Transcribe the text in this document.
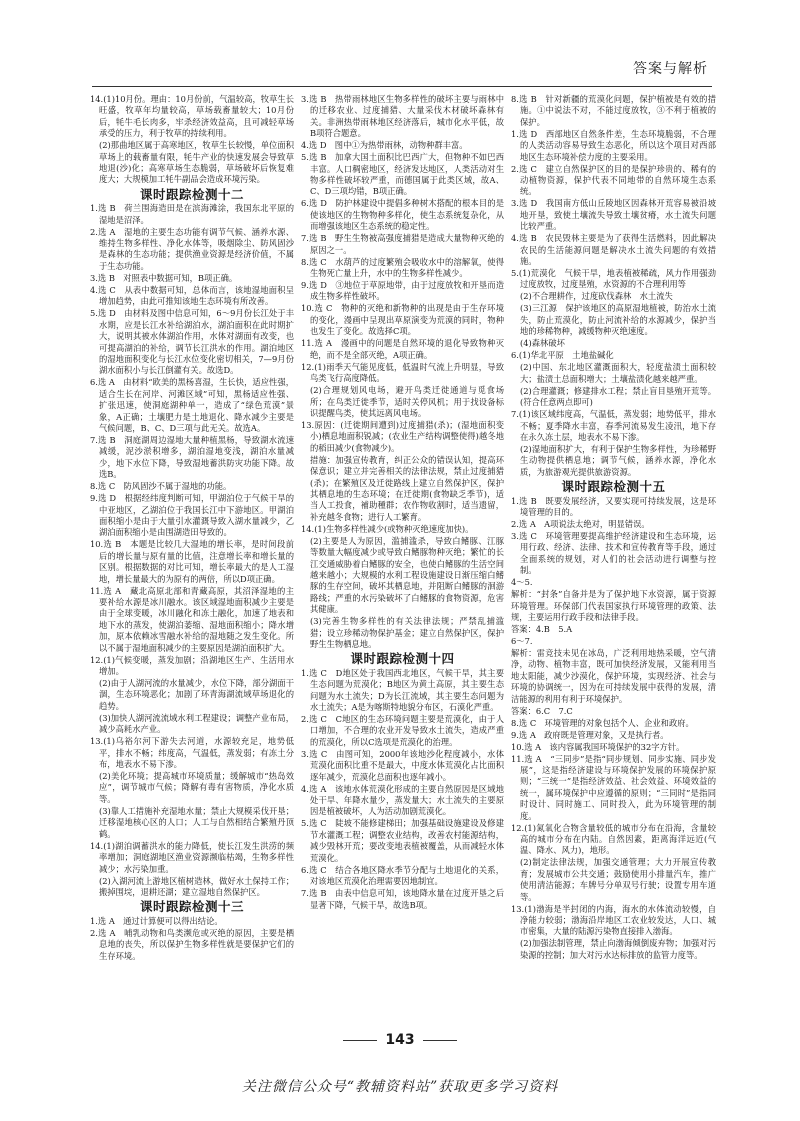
答案与解析
14.(1)10月份。理由：10月份前，气温较高，牧草生长旺盛，牧草年均量较高，草场载畜量较大；10月份后，牦牛毛长肉多，牢杀经济效益高，且可减轻草场承受的压力，利于牧草的持续利用。
(2)那曲地区属于高寒地区，牧草生长较慢，单位面积草场上的载畜量有限，牦牛产业的快速发展会导致草地退(沙)化；高寒草场生态脆弱，草场破坏后恢复难度大；大规模加工牦牛副品会造成环境污染。
课时跟踪检测十二
1.选 B　荷兰围海造田是在滨海滩涂，我国东北平原的湿地是沼泽。
2.选 A　湿地的主要生态功能有调节气候、涵养水源、维持生物多样性、净化水体等，吸烟除尘、防风固沙是森林的生态功能；提供渔业资源是经济价值，不属于生态功能。
3.选 B　对照表中数据可知，B项正确。
4.选 C　从表中数据可知，总体而言，该地湿地面积呈增加趋势，由此可推知该地生态环境有所改善。
5.选 D　由材料及图中信息可知，6～9月份长江处于丰水期，应是长江水补给湖泊水，湖泊面积在此时期扩大，说明其被水体湖泊作用，水体对湖面有改变，也可提高湖泊的补给，调节长江洪水的作用。湖泊地区的湿地面积变化与长江水位变化密切相关，7—9月份湖水面积小与长江倒灌有关。故选D。
6.选 A　由材料“欧美的黑杨喜湿，生长快，适应性强，适合生长在河岸、河滩区域”可知，黑杨适应性强、扩张迅速，使洞庭湖种单一，造成了“绿色荒漠”景象，A正确；土壤肥力是土地退化、降水减少主要是气候问题，B、C、D三项与此无关。故选A。
7.选 B　洞庭湖周边湿地大量种植黑杨，导致湖水流速减缓，泥沙淤积增多，湖泊湿地变浅，湖泊水量减少，地下水位下降，导致湿地蓄洪防灾功能下降。故选B。
8.选 C　防风固沙不属于湿地的功能。
9.选 D　根据经纬度判断可知，甲湖泊位于气候干旱的中亚地区，乙湖泊位于我国长江中下游地区。甲湖泊面积缩小是由于大量引水灌溉导致入湖水量减少，乙湖泊面积缩小是由围湖造田导致的。
10.选 B　本题是比较几大湿地的增长率，是时间段前后的增长量与原有量的比值，注意增长率和增长量的区别。根据数据的对比可知，增长率最大的是人工湿地，增长量最大的为原有的两倍，所以D项正确。
11.选 A　藏北高原北部和青藏高原，其沼泽湿地的主要补给水源是冰川融水。该区域湿地面积减少主要是由于全球变暖，冰川融化和冻土融化，加速了地表和地下水的蒸发，使湖泊萎缩、湿地面积缩小；降水增加，原本依赖冰雪融水补给的湿地随之发生变化。所以不属于湿地面积减少的主要原因是湖泊面积扩大。
12.(1)气候变暖，蒸发加剧；沿湖地区生产、生活用水增加。
(2)由于人湖河流的水量减少，水位下降，部分湖面干涸，生态环境恶化；加剧了环青海湖流域草场退化的趋势。
(3)加快人湖河流流域水利工程建设；调整产业布局，减少高耗水产业。
13.(1)乌裕尔河下游失去河道，水源较充足，地势低平，排水不畅；纬度高，气温低，蒸发弱；有冻土分布，地表水不易下渗。
(2)美化环境；提高城市环境质量；缓解城市“热岛效应”，调节城市气候；降解有毒有害物质，净化水质等。
(3)靠人工措施补充湿地水量；禁止大规模采伐开垦；迁移湿地核心区的人口；人工与自然相结合繁殖丹顶鹤。
14.(1)湖泊调蓄洪水的能力降低，使长江发生洪涝的频率增加；洞庭湖地区渔业资源濒临枯竭，生物多样性减少；水污染加重。
(2)入湖河流上游地区植树造林，做好水土保持工作；搬掉围垸，退耕还湖；建立湿地自然保护区。
课时跟踪检测十三
1.选 A　通过计算便可以得出结论。
2.选 A　哺乳动物和鸟类濒危或灭绝的原因，主要是栖息地的丧失，所以保护生物多样性就是要保护它们的生存环境。
3.选 B　热带雨林地区生物多样性的破坏主要与雨林中的迁移农业、过度捕猎、大量采伐木材破坏森林有关。非洲热带雨林地区经济落后，城市化水平低，故B项符合题意。
4.选 D　图中①为热带雨林，动物种群丰富。
5.选 B　加拿大国土面积比巴西广大，但物种不如巴西丰富。人口稠密地区，经济发达地区，人类活动对生物多样性破坏较严重，而德国属于此类区域，故A、C、D三项均错，B项正确。
6.选 D　防护林建设中提倡多种树木搭配的根本目的是使该地区的生物物种多样化，使生态系统复杂化，从而增强该地区生态系统的稳定性。
7.选 B　野生生物被高强度捕猎是造成大量物种灭绝的原因之一。
8.选 C　水葫芦的过度繁殖会吸收水中的溶解氧，使得生物死亡量上升，水中的生物多样性减少。
9.选 D　③地位于草原地带，由于过度放牧和开垦而造成生物多样性破坏。
10.选 C　物种的灭绝和新物种的出现是由于生存环境的变化，漫画中呈现出草原演变为荒漠的同时，物种也发生了变化。故选择C项。
11.选 A　漫画中的问题是自然环境的退化导致物种灭绝，而不是全部灭绝，A项正确。
12.(1)雨季天气能见度低，低温时气流上升明显，导致鸟类飞行高度降低。
(2)合理规划风电场，避开鸟类迁徙通道与觅食场所；在鸟类迁徙季节，适时关停风机；用于找设备标识提醒鸟类，使其远离风电场。
13.原因：(迁徙期间遭到)过度捕猎(杀)；(湿地面积变小)栖息地面积锐减；(农业生产结构调整使得)越冬地的稻田减少(食物减少)。
措施：加强宣传教育，纠正公众的错误认知，提高环保意识；建立并完善相关的法律法规，禁止过度捕猎(杀)；在繁殖区及迁徙路线上建立自然保护区，保护其栖息地的生态环境；在迁徙期(食物缺乏季节)，适当人工投食，補助種群；农作物收割时，适当遗留，补充越冬食物；进行人工繁育。
14.(1)生物多样性减少(或物种灭绝速度加快)。
(2)主要是人为原因，滥捕滥杀，导致白鳍豚、江豚等数量大幅度减少或导致白鳍豚物种灭绝；繁忙的长江交通威胁着白鳍豚的安全，也使白鳍豚的生活空间越来越小；大规模的水利工程设施建设日渐压缩白鳍豚的生存空间，破坏其栖息地，并阻断白鳍豚的洄游路线；严重的水污染破坏了白鳍豚的食物资源，危害其健康。
(3)完善生物多样性的有关法律法规；严禁乱捕滥猎；设立珍稀动物保护基金；建立自然保护区，保护野生生物栖息地。
课时跟踪检测十四
1.选 C　D地区处于我国西北地区，气候干旱，其主要生态问题为荒漠化；B地区为黄土高原，其主要生态问题为水土流失；D为长江流域，其主要生态问题为水土流失；A是为喀斯特地貌分布区，石漠化严重。
2.选 C　C地区的生态环境问题主要是荒漠化，由于人口增加，不合理的农业开发导致水土流失，造成严重的荒漠化，所以C选项是荒漠化的治理。
3.选 C　由图可知，2000年该地沙化程度减小，水体荒漠化面积比重不是最大，中度水体荒漠化占比面积逐年减少，荒漠化总面积也逐年减小。
4.选 A　该地水体荒漠化形成的主要自然原因是区域地处干旱、年降水量少，蒸发量大；水土流失的主要原因是植被破坏，人为活动加剧荒漠化。
5.选 C　陡坡不能修建梯田；加强基础设施建设及修建节水灌溉工程；调整农业结构，改善农村能源结构，减少毁林开荒；要改变地表植被覆盖，从而减轻水体荒漠化。
6.选 C　结合各地区降水季节分配与土地退化的关系，对该地区荒漠化治理需要因地制宜。
7.选 B　由表中信息可知，该地降水量在过度开垦之后显著下降，气候干旱，故选B项。
8.选 B　针对新疆的荒漠化问题，保护植被是有效的措施。①中说法不对，不能过度放牧，③不利于植被的保护。
1.选 D　西部地区自然条件差，生态环境脆弱，不合理的人类活动容易导致生态恶化，所以这个项目对西部地区生态环境补偿力度的主要采用。
2.选 C　建立自然保护区的目的是保护珍贵的、稀有的动植物资源，保护代表不同地带的自然环境生态系统。
3.选 D　我国南方低山丘陵地区因森林开荒容易被沿坡地开垦，致使土壤流失导致土壤贫瘠，水土流失问题比较严重。
4.选 B　农民毁林主要是为了获得生活燃料，因此解决农民的生活能源问题是解决水土流失问题的有效措施。
5.(1)荒漠化　气候干旱，地表植被稀疏，风力作用强劲　过度放牧，过度垦殖，水资源的不合理利用等
(2)不合理耕作，过度砍伐森林　水土流失
(3)三江源　保护该地区的高原湿地植被，防治水土流失，防止荒漠化，防止河流补给的水源减少，保护当地的珍稀物种，减缓物种灭绝速度。
(4)森林破坏
6.(1)华北平原　土地盐碱化
(2)中国、东北地区灌溉面积大，轻度盐渍土面积较大；盐渍土总面积增大；土壤盐渍化越来越严重。
(2)合理灌溉；修建排水工程；禁止盲目垦殖开荒等。(符合任意两点即可)
7.(1)该区域纬度高，气温低，蒸发弱；地势低平，排水不畅；夏季降水丰富，春季河流易发生凌汛，地下存在永久冻土层，地表水不易下渗。
(2)湿地面积扩大，有利于保护生物多样性，为珍稀野生动物提供栖息地；调节气候，涵养水源，净化水质，为旅游观光提供旅游资源。
课时跟踪检测十五
1.选 B　既要发展经济，又要实现可持续发展，这是环境管理的目的。
2.选 A　A项说法太绝对，明显错误。
3.选 C　环境管理要提高维护经济建设和生态环境，运用行政、经济、法律、技术和宣传教育等手段，通过全面系统的规划，对人们的社会活动进行调整与控制。
4～5.
解析：“封条”自备并是为了保护地下水资源，属于资源环境管理。环保部门代表国家执行环境管理的政策、法规，主要运用行政手段和法律手段。
答案：4.B　5.A
6～7.
解析：雷竞技未见在冰岛，广泛利用地热采暖，空气清净，动物、植物丰富，既可加快经济发展，又能利用当地太阳能，减少沙漠化，保护环境，实现经济、社会与环境的协调统一，因为在可持续发展中获得的发展，清洁能源的利用有利于环境保护。
答案：6.C　7.C
8.选 C　环境管理的对象包括个人、企业和政府。
9.选 A　政府既是管理对象，又是执行者。
10.选 A　该内容属我国环境保护的32字方针。
11.选 A　“三同步”是指“同步规划、同步实施、同步发展”，这是指经济建设与环境保护发展的环境保护原则；“三统一”是指经济效益、社会效益、环境效益的统一，属环境保护中应遵循的原则；“三同时”是指同时设计、同时施工、同时投入，此为环境管理的制度。
12.(1)氮氧化合物含量较低的城市分布在沿海，含量较高的城市分布在内陆。自然因素，距离海洋远近(气温、降水、风力)，地形。
(2)制定法律法规，加强交通管理；大力开展宣传教育；发展城市公共交通；鼓励使用小排量汽车，推广使用清洁能源；车牌号分单双号行驶；设置专用车道等。
13.(1)渤海是半封闭的内海，海水的水体流动较慢，自净能力较弱；渤海沿岸地区工农业较发达，人口、城市密集，大量的陆源污染物直接排入渤海。
(2)加强法制管理，禁止向渤海倾倒废弃物；加强对污染源的控制；加大对污水达标排放的监管力度等。
143
关注微信公众号“教辅资料站”获取更多学习资料
